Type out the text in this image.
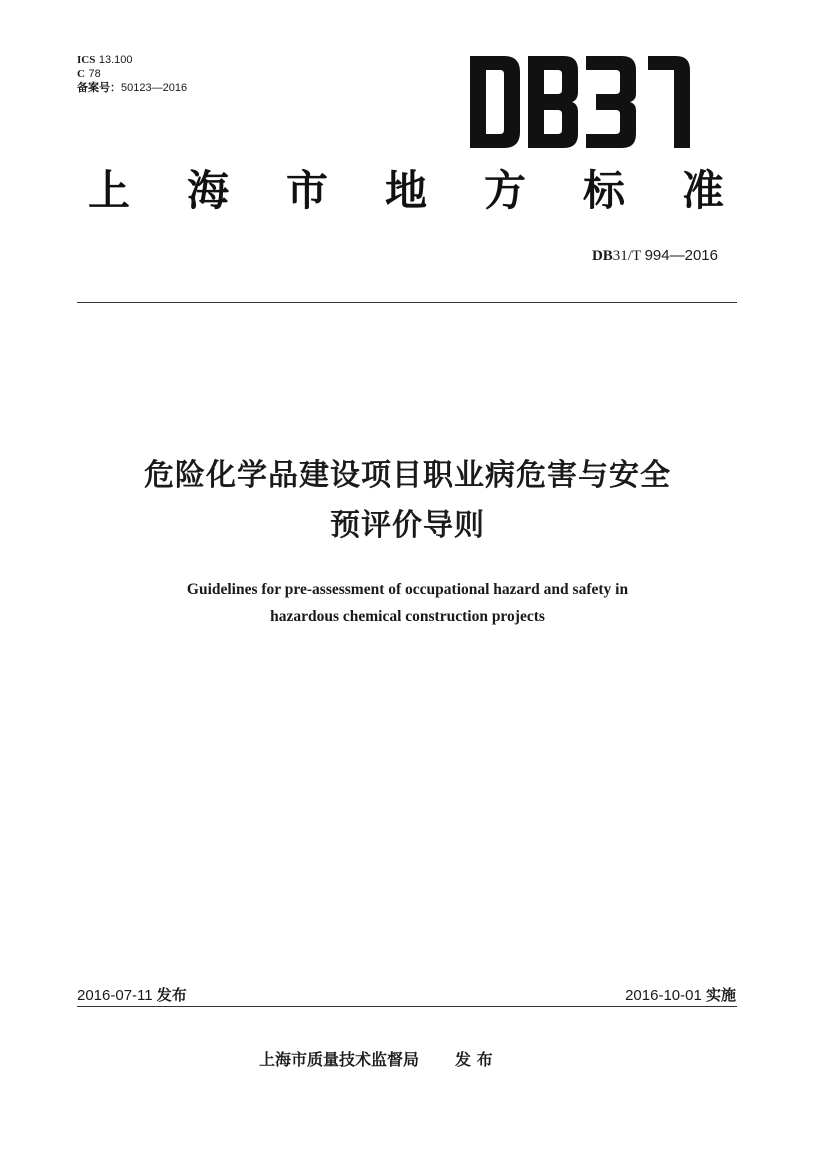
ICS 13.100
C 78
备案号：50123—2016
上 海 市 地 方 标 准
DB31/T 994—2016
危险化学品建设项目职业病危害与安全
预评价导则
Guidelines for pre-assessment of occupational hazard and safety in
hazardous chemical construction projects
2016-07-11 发布	2016-10-01 实施
上海市质量技术监督局 发 布
